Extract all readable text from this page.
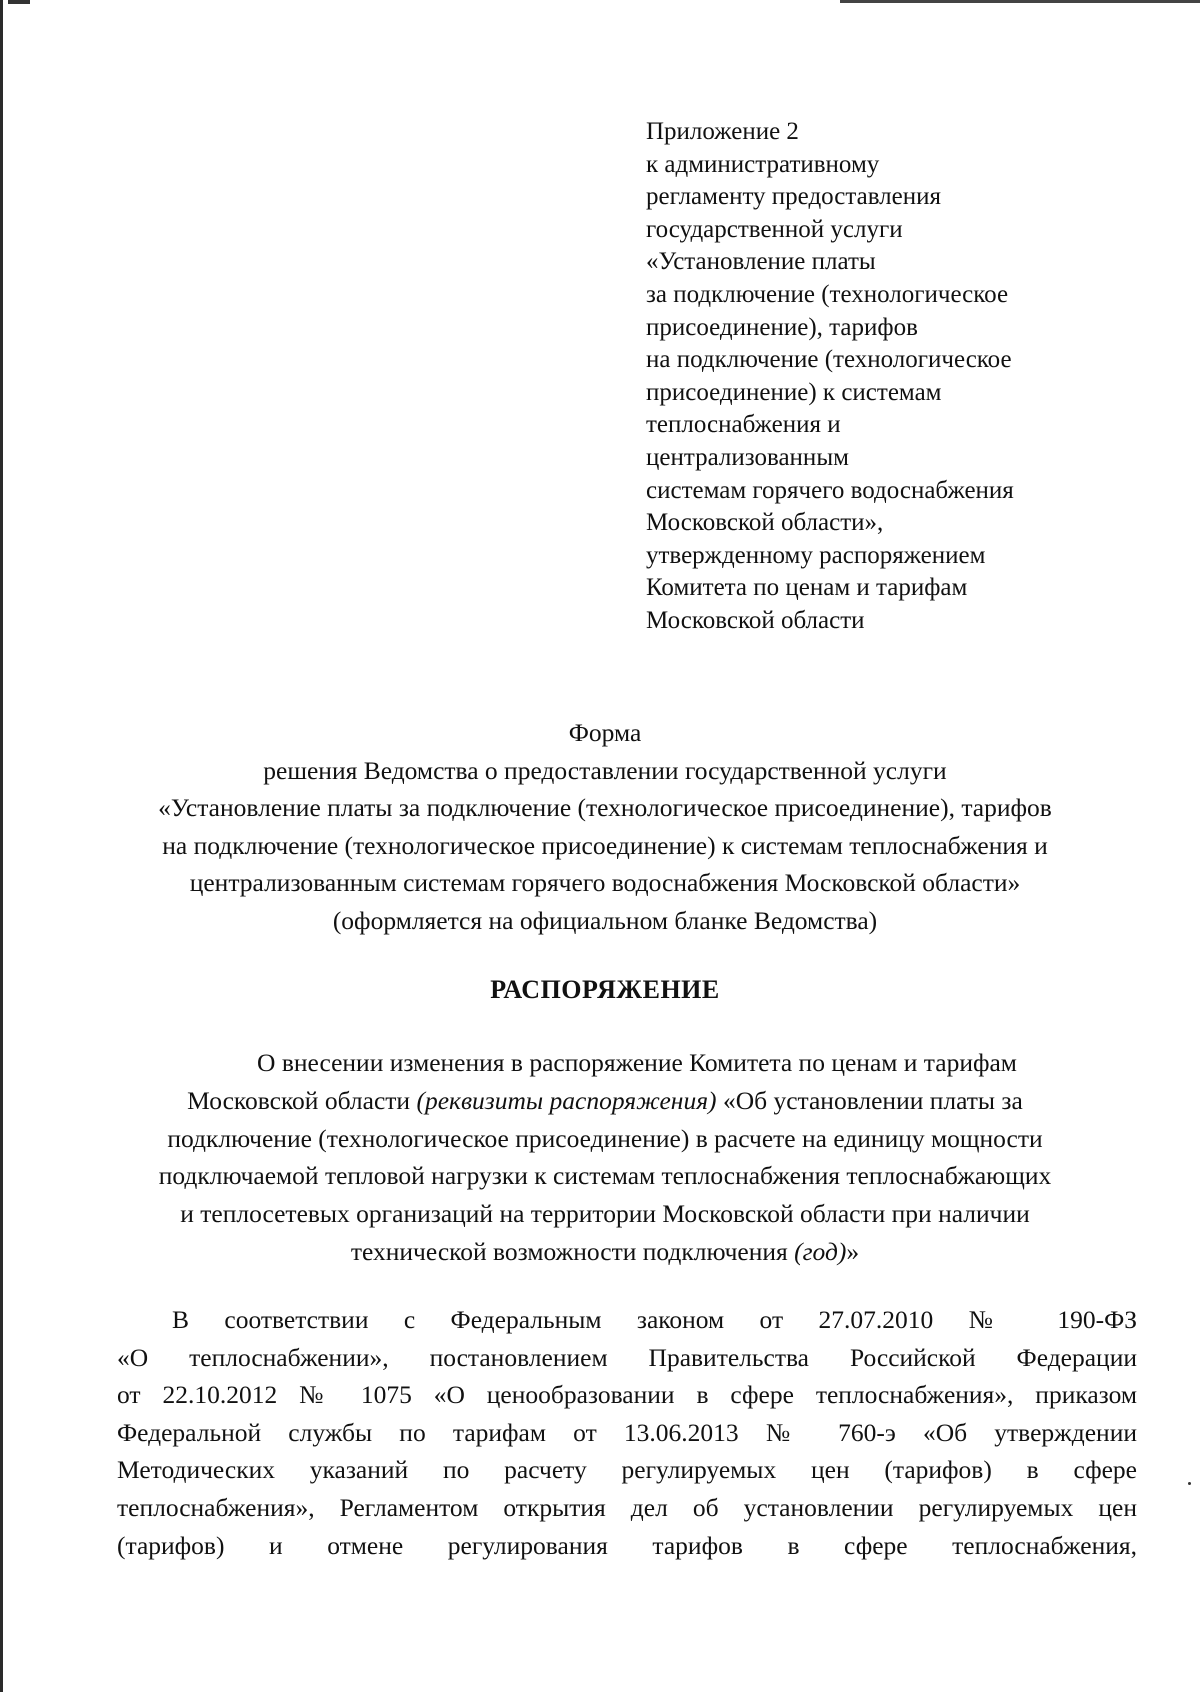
Приложение 2
к административному
регламенту предоставления
государственной услуги
«Установление платы
за подключение (технологическое
присоединение), тарифов
на подключение (технологическое
присоединение) к системам
теплоснабжения и
централизованным
системам горячего водоснабжения
Московской области»,
утвержденному распоряжением
Комитета по ценам и тарифам
Московской области
Форма
решения Ведомства о предоставлении государственной услуги
«Установление платы за подключение (технологическое присоединение), тарифов
на подключение (технологическое присоединение) к системам теплоснабжения и
централизованным системам горячего водоснабжения Московской области»
(оформляется на официальном бланке Ведомства)
РАСПОРЯЖЕНИЕ
О внесении изменения в распоряжение Комитета по ценам и тарифам
Московской области (реквизиты распоряжения) «Об установлении платы за
подключение (технологическое присоединение) в расчете на единицу мощности
подключаемой тепловой нагрузки к системам теплоснабжения теплоснабжающих
и теплосетевых организаций на территории Московской области при наличии
технической возможности подключения (год)»
В соответствии с Федеральным законом от 27.07.2010 № 190-ФЗ
«О теплоснабжении», постановлением Правительства Российской Федерации
от 22.10.2012 № 1075 «О ценообразовании в сфере теплоснабжения», приказом
Федеральной службы по тарифам от 13.06.2013 № 760-э «Об утверждении
Методических указаний по расчету регулируемых цен (тарифов) в сфере
теплоснабжения», Регламентом открытия дел об установлении регулируемых цен
(тарифов) и отмене регулирования тарифов в сфере теплоснабжения,
